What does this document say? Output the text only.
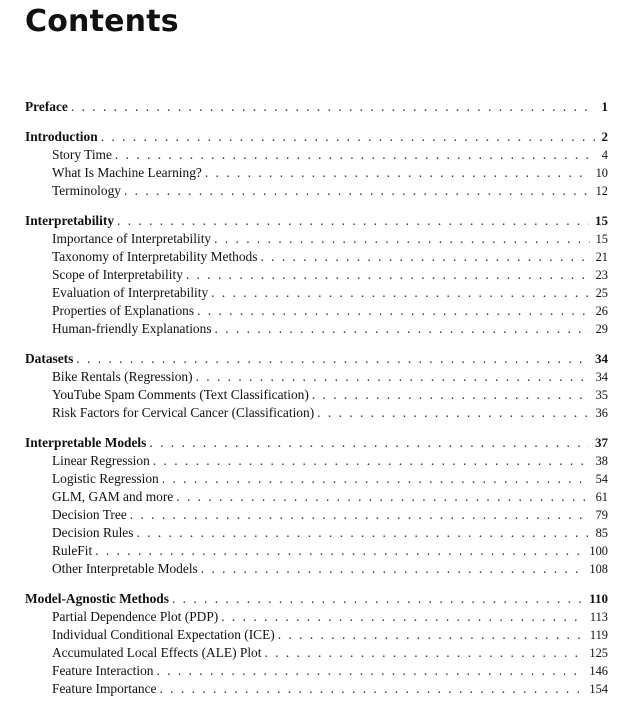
Contents
Preface . . .	1
Introduction . . .	2
Story Time . . .	4
What Is Machine Learning? . . .	10
Terminology . . .	12
Interpretability . . .	15
Importance of Interpretability . . .	15
Taxonomy of Interpretability Methods . . .	21
Scope of Interpretability . . .	23
Evaluation of Interpretability . . .	25
Properties of Explanations . . .	26
Human-friendly Explanations . . .	29
Datasets . . .	34
Bike Rentals (Regression) . . .	34
YouTube Spam Comments (Text Classification) . . .	35
Risk Factors for Cervical Cancer (Classification) . . .	36
Interpretable Models . . .	37
Linear Regression . . .	38
Logistic Regression . . .	54
GLM, GAM and more . . .	61
Decision Tree . . .	79
Decision Rules . . .	85
RuleFit . . .	100
Other Interpretable Models . . .	108
Model-Agnostic Methods . . .	110
Partial Dependence Plot (PDP) . . .	113
Individual Conditional Expectation (ICE) . . .	119
Accumulated Local Effects (ALE) Plot . . .	125
Feature Interaction . . .	146
Feature Importance . . .	154
